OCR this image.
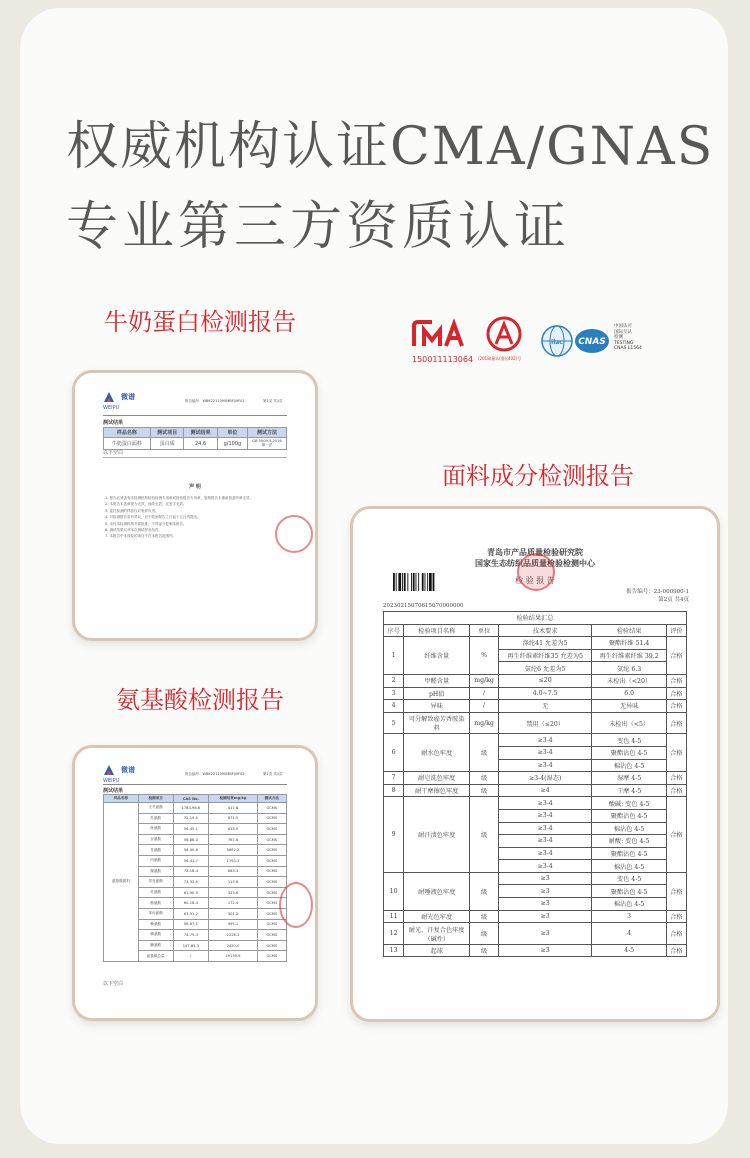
权威机构认证CMA/GNAS
专业第三方资质认证
牛奶蛋白检测报告
面料成分检测报告
氨基酸检测报告
150011113064 (2018)量认(鲁)(402)号
ilac CNAS
中国认可
国际互认
检测
TESTING
CNAS L1564
微谱
WEIPU
报告编号：WBK2211090MBF09F01	第1页 共1页
测试结果
样品名称	测试项目	测试结果	单位	测试方法
牛奶蛋白面料	蛋白质	24.6	g/100g	GB 5009.5-2016 第一法
以下空白
声 明
1. 报告必须盖有本检测机构检验检测专用章或检验报告专用章，复制报告未重新加盖印章无效。
2. 本报告未盖章视为无效，涂改无效，无签字无效。
3. 委托检测的样品仅对来样负责。
4. 对检测报告若有异议，应于收到报告之日起十五日内提出。
5. 未经本检测机构书面批准，不得部分复制本报告。
6. 测试结果仅对本次测试样品负责。
7. 本报告中未涉及的项目不在本报告范围内。
微谱
WEIPU
报告编号：WBK2211090MBF09F02	第1页 共1页
测试结果
样品名称	检测项目	CAS No.	检测结果mg/kg	测试方法
氨基酸面料	天冬氨酸	1783-96-6	411.8	GCMS
	苏氨酸	72-19-5	871.5	GCMS
	丝氨酸	56-45-1	613.9	GCMS
	谷氨酸	56-86-0	767.6	GCMS
	甘氨酸	56-40-6	5662.2	GCMS
	丙氨酸	56-41-7	1793.3	GCMS
	缬氨酸	72-18-4	663.3	GCMS
	异亮氨酸	73-32-5	113.8	GCMS
	亮氨酸	61-90-5	353.6	GCMS
	酪氨酸	60-18-4	172.4	GCMS
	苯丙氨酸	63-91-2	301.2	GCMS
	赖氨酸	56-87-1	995.1	GCMS
	精氨酸	74-79-3	2228.3	GCMS
	脯氨酸	147-85-3	2420.0	GCMS
	氨基酸总量	/	19139.9	GCMS
以下空白
青岛市产品质量检验研究院
国家生态纺织品质量检验检测中心
检 验 报 告
报告编号：23-000900-1
第2页 共4页
20230215070615070000000
检验结果汇总					
序号	检验项目名称	单位	技术要求	检验结果	评价
1	纤维含量	%	涤纶41 允差为5	聚酯纤维 51.4	合格
			再生纤维素纤维35 允差为5	再生纤维素纤维 39.2	
			氨纶6 允差为5	氨纶 6.3	
2	甲醛含量	mg/kg	≤20	未检出（<20）	合格
3	pH值	/	4.0~7.5	6.0	合格
4	异味	/	无	无异味	合格
5	可分解致癌芳香胺染料	mg/kg	禁用（≤20）	未检出（<5）	合格
6	耐水色牢度	级	≥3-4	变色 4-5	合格
			≥3-4	聚酯沾色 4-5	
			≥3-4	棉沾色 4-5	
7	耐皂洗色牢度	级	≥3-4(湿态)	湿摩 4-5	合格
8	耐干摩擦色牢度	级	≥4	干摩 4-5	合格
9	耐汗渍色牢度	级	≥3-4	酸碱: 变色 4-5	合格
			≥3-4	聚酯沾色 4-5	
			≥3-4	棉沾色 4-5	
			≥3-4	耐酸: 变色 4-5	
			≥3-4	聚酯沾色 4-5	
			≥3-4	棉沾色 4-5	
10	耐唾液色牢度	级	≥3	变色 4-5	合格
			≥3	聚酯沾色 4-5	
			≥3	棉沾色 4-5	
11	耐光色牢度	级	≥3	3	合格
12	耐光、汗复合色牢度（碱性）	级	≥3	4	合格
13	起球	级	≥3	4-5	合格
